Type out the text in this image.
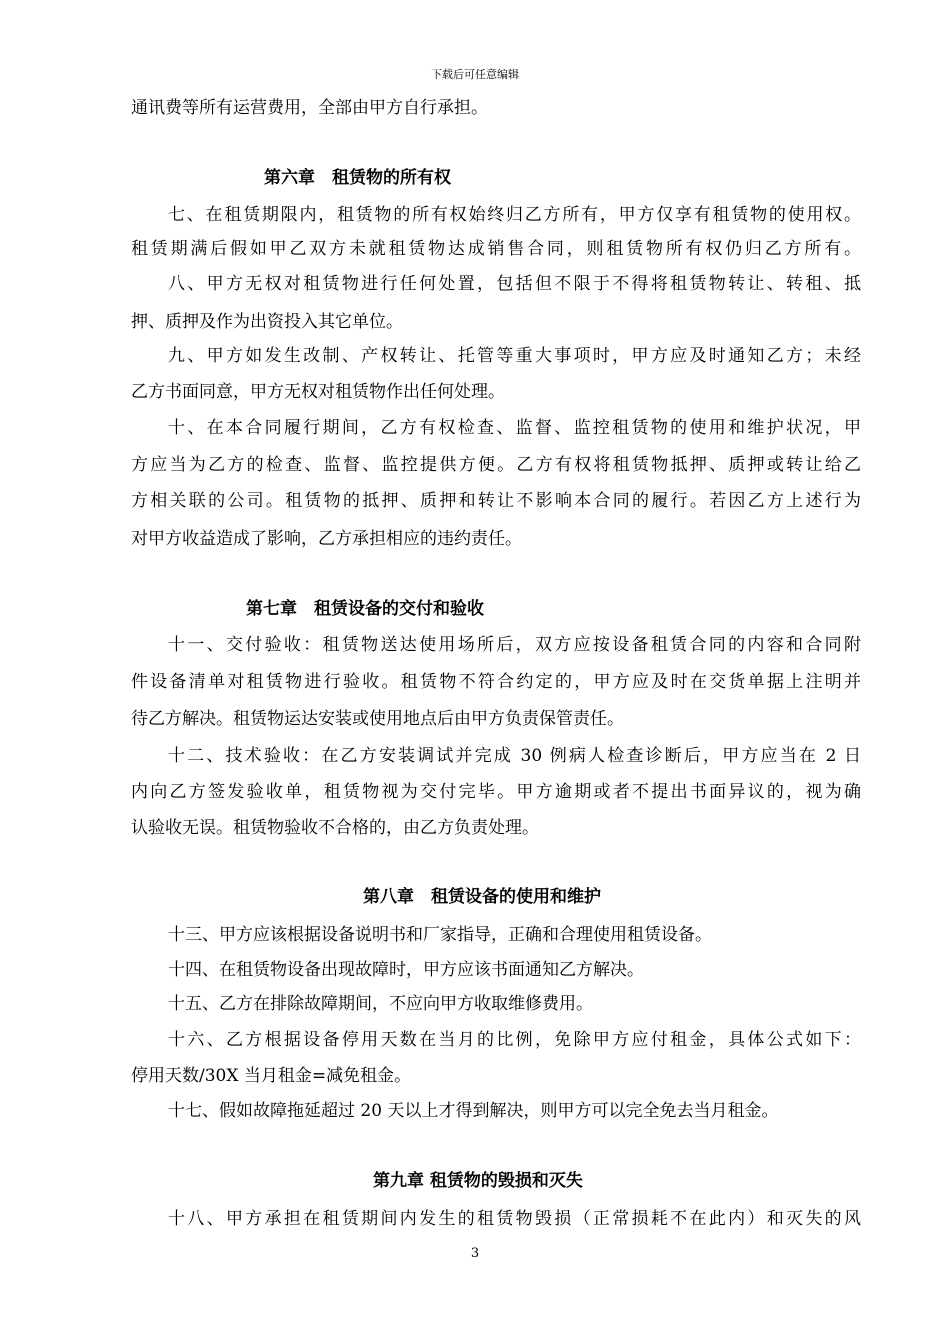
下载后可任意编辑
通讯费等所有运营费用，全部由甲方自行承担。
第六章　租赁物的所有权
七、在租赁期限内，租赁物的所有权始终归乙方所有，甲方仅享有租赁物的使用权。
租赁期满后假如甲乙双方未就租赁物达成销售合同，则租赁物所有权仍归乙方所有。
八、甲方无权对租赁物进行任何处置，包括但不限于不得将租赁物转让、转租、抵
押、质押及作为出资投入其它单位。
九、甲方如发生改制、产权转让、托管等重大事项时，甲方应及时通知乙方；未经
乙方书面同意，甲方无权对租赁物作出任何处理。
十、在本合同履行期间，乙方有权检查、监督、监控租赁物的使用和维护状况，甲
方应当为乙方的检查、监督、监控提供方便。乙方有权将租赁物抵押、质押或转让给乙
方相关联的公司。租赁物的抵押、质押和转让不影响本合同的履行。若因乙方上述行为
对甲方收益造成了影响，乙方承担相应的违约责任。
第七章　租赁设备的交付和验收
十一、交付验收：租赁物送达使用场所后，双方应按设备租赁合同的内容和合同附
件设备清单对租赁物进行验收。租赁物不符合约定的，甲方应及时在交货单据上注明并
待乙方解决。租赁物运达安装或使用地点后由甲方负责保管责任。
十二、技术验收：在乙方安装调试并完成 30 例病人检查诊断后，甲方应当在 2 日
内向乙方签发验收单，租赁物视为交付完毕。甲方逾期或者不提出书面异议的，视为确
认验收无误。租赁物验收不合格的，由乙方负责处理。
第八章　租赁设备的使用和维护
十三、甲方应该根据设备说明书和厂家指导，正确和合理使用租赁设备。
十四、在租赁物设备出现故障时，甲方应该书面通知乙方解决。
十五、乙方在排除故障期间，不应向甲方收取维修费用。
十六、乙方根据设备停用天数在当月的比例，免除甲方应付租金，具体公式如下：
停用天数/30X 当月租金=减免租金。
十七、假如故障拖延超过 20 天以上才得到解决，则甲方可以完全免去当月租金。
第九章 租赁物的毁损和灭失
十八、甲方承担在租赁期间内发生的租赁物毁损（正常损耗不在此内）和灭失的风
3
